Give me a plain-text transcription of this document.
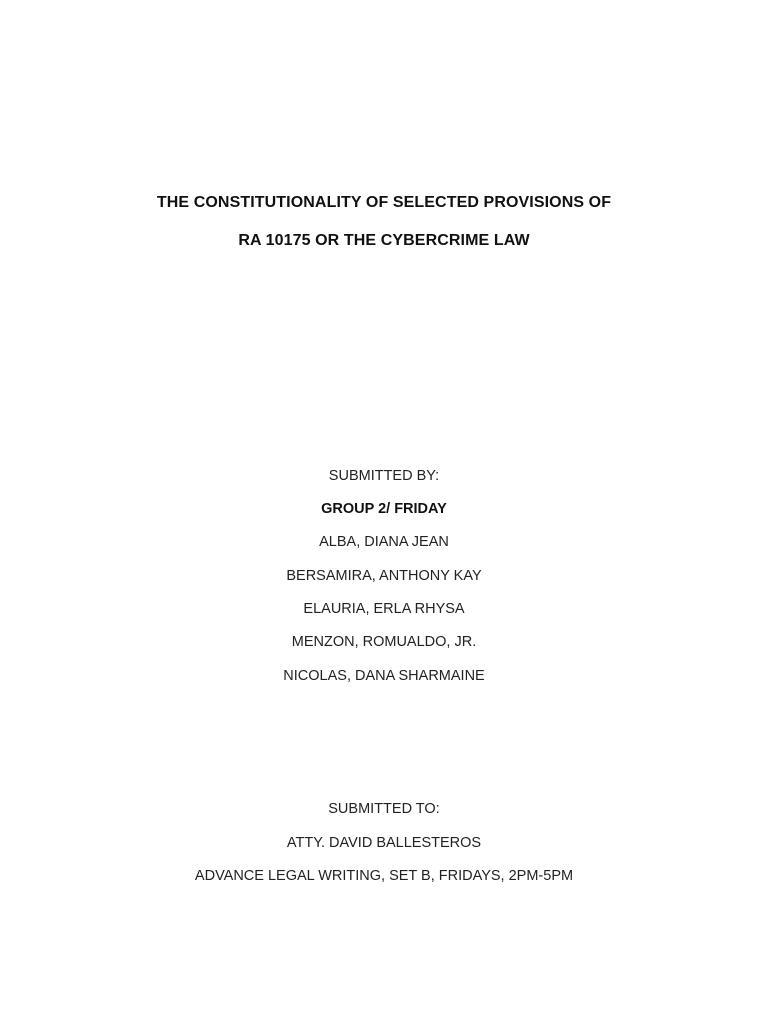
THE CONSTITUTIONALITY OF SELECTED PROVISIONS OF
RA 10175 OR THE CYBERCRIME LAW
SUBMITTED BY:
GROUP 2/ FRIDAY
ALBA, DIANA JEAN
BERSAMIRA, ANTHONY KAY
ELAURIA, ERLA RHYSA
MENZON, ROMUALDO, JR.
NICOLAS, DANA SHARMAINE
SUBMITTED TO:
ATTY. DAVID BALLESTEROS
ADVANCE LEGAL WRITING, SET B, FRIDAYS, 2PM-5PM
